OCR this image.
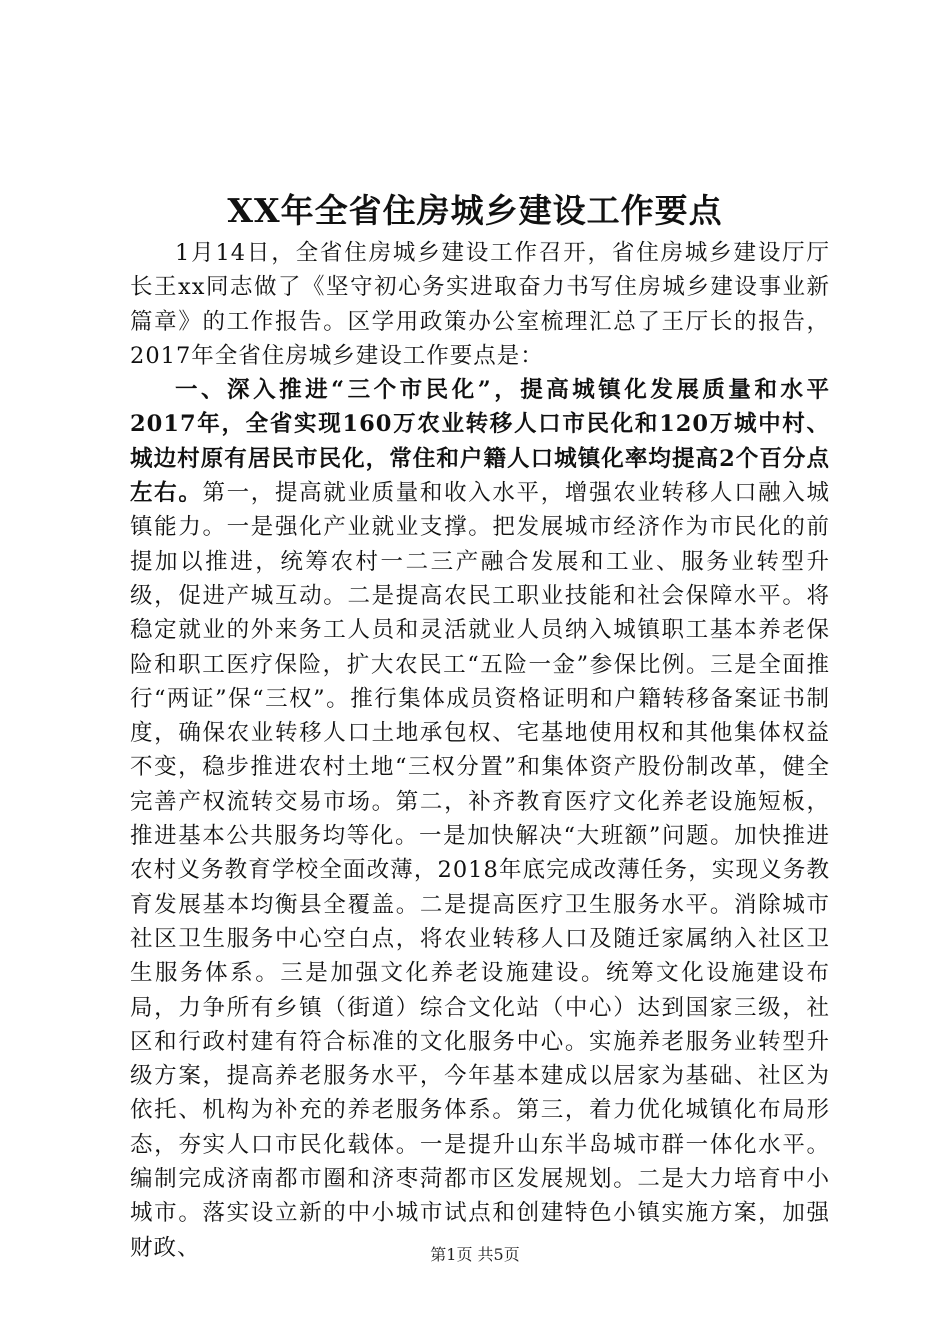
XX年全省住房城乡建设工作要点

1月14日，全省住房城乡建设工作召开，省住房城乡建设厅厅长王xx同志做了《坚守初心务实进取奋力书写住房城乡建设事业新篇章》的工作报告。区学用政策办公室梳理汇总了王厅长的报告，2017年全省住房城乡建设工作要点是：

一、深入推进“三个市民化”，提高城镇化发展质量和水平2017年，全省实现160万农业转移人口市民化和120万城中村、城边村原有居民市民化，常住和户籍人口城镇化率均提高2个百分点左右。第一，提高就业质量和收入水平，增强农业转移人口融入城镇能力。一是强化产业就业支撑。把发展城市经济作为市民化的前提加以推进，统筹农村一二三产融合发展和工业、服务业转型升级，促进产城互动。二是提高农民工职业技能和社会保障水平。将稳定就业的外来务工人员和灵活就业人员纳入城镇职工基本养老保险和职工医疗保险，扩大农民工“五险一金”参保比例。三是全面推行“两证”保“三权”。推行集体成员资格证明和户籍转移备案证书制度，确保农业转移人口土地承包权、宅基地使用权和其他集体权益不变，稳步推进农村土地“三权分置”和集体资产股份制改革，健全完善产权流转交易市场。第二，补齐教育医疗文化养老设施短板，推进基本公共服务均等化。一是加快解决“大班额”问题。加快推进农村义务教育学校全面改薄，2018年底完成改薄任务，实现义务教育发展基本均衡县全覆盖。二是提高医疗卫生服务水平。消除城市社区卫生服务中心空白点，将农业转移人口及随迁家属纳入社区卫生服务体系。三是加强文化养老设施建设。统筹文化设施建设布局，力争所有乡镇（街道）综合文化站（中心）达到国家三级，社区和行政村建有符合标准的文化服务中心。实施养老服务业转型升级方案，提高养老服务水平，今年基本建成以居家为基础、社区为依托、机构为补充的养老服务体系。第三，着力优化城镇化布局形态，夯实人口市民化载体。一是提升山东半岛城市群一体化水平。编制完成济南都市圈和济枣菏都市区发展规划。二是大力培育中小城市。落实设立新的中小城市试点和创建特色小镇实施方案，加强财政、	第1页 共5页
